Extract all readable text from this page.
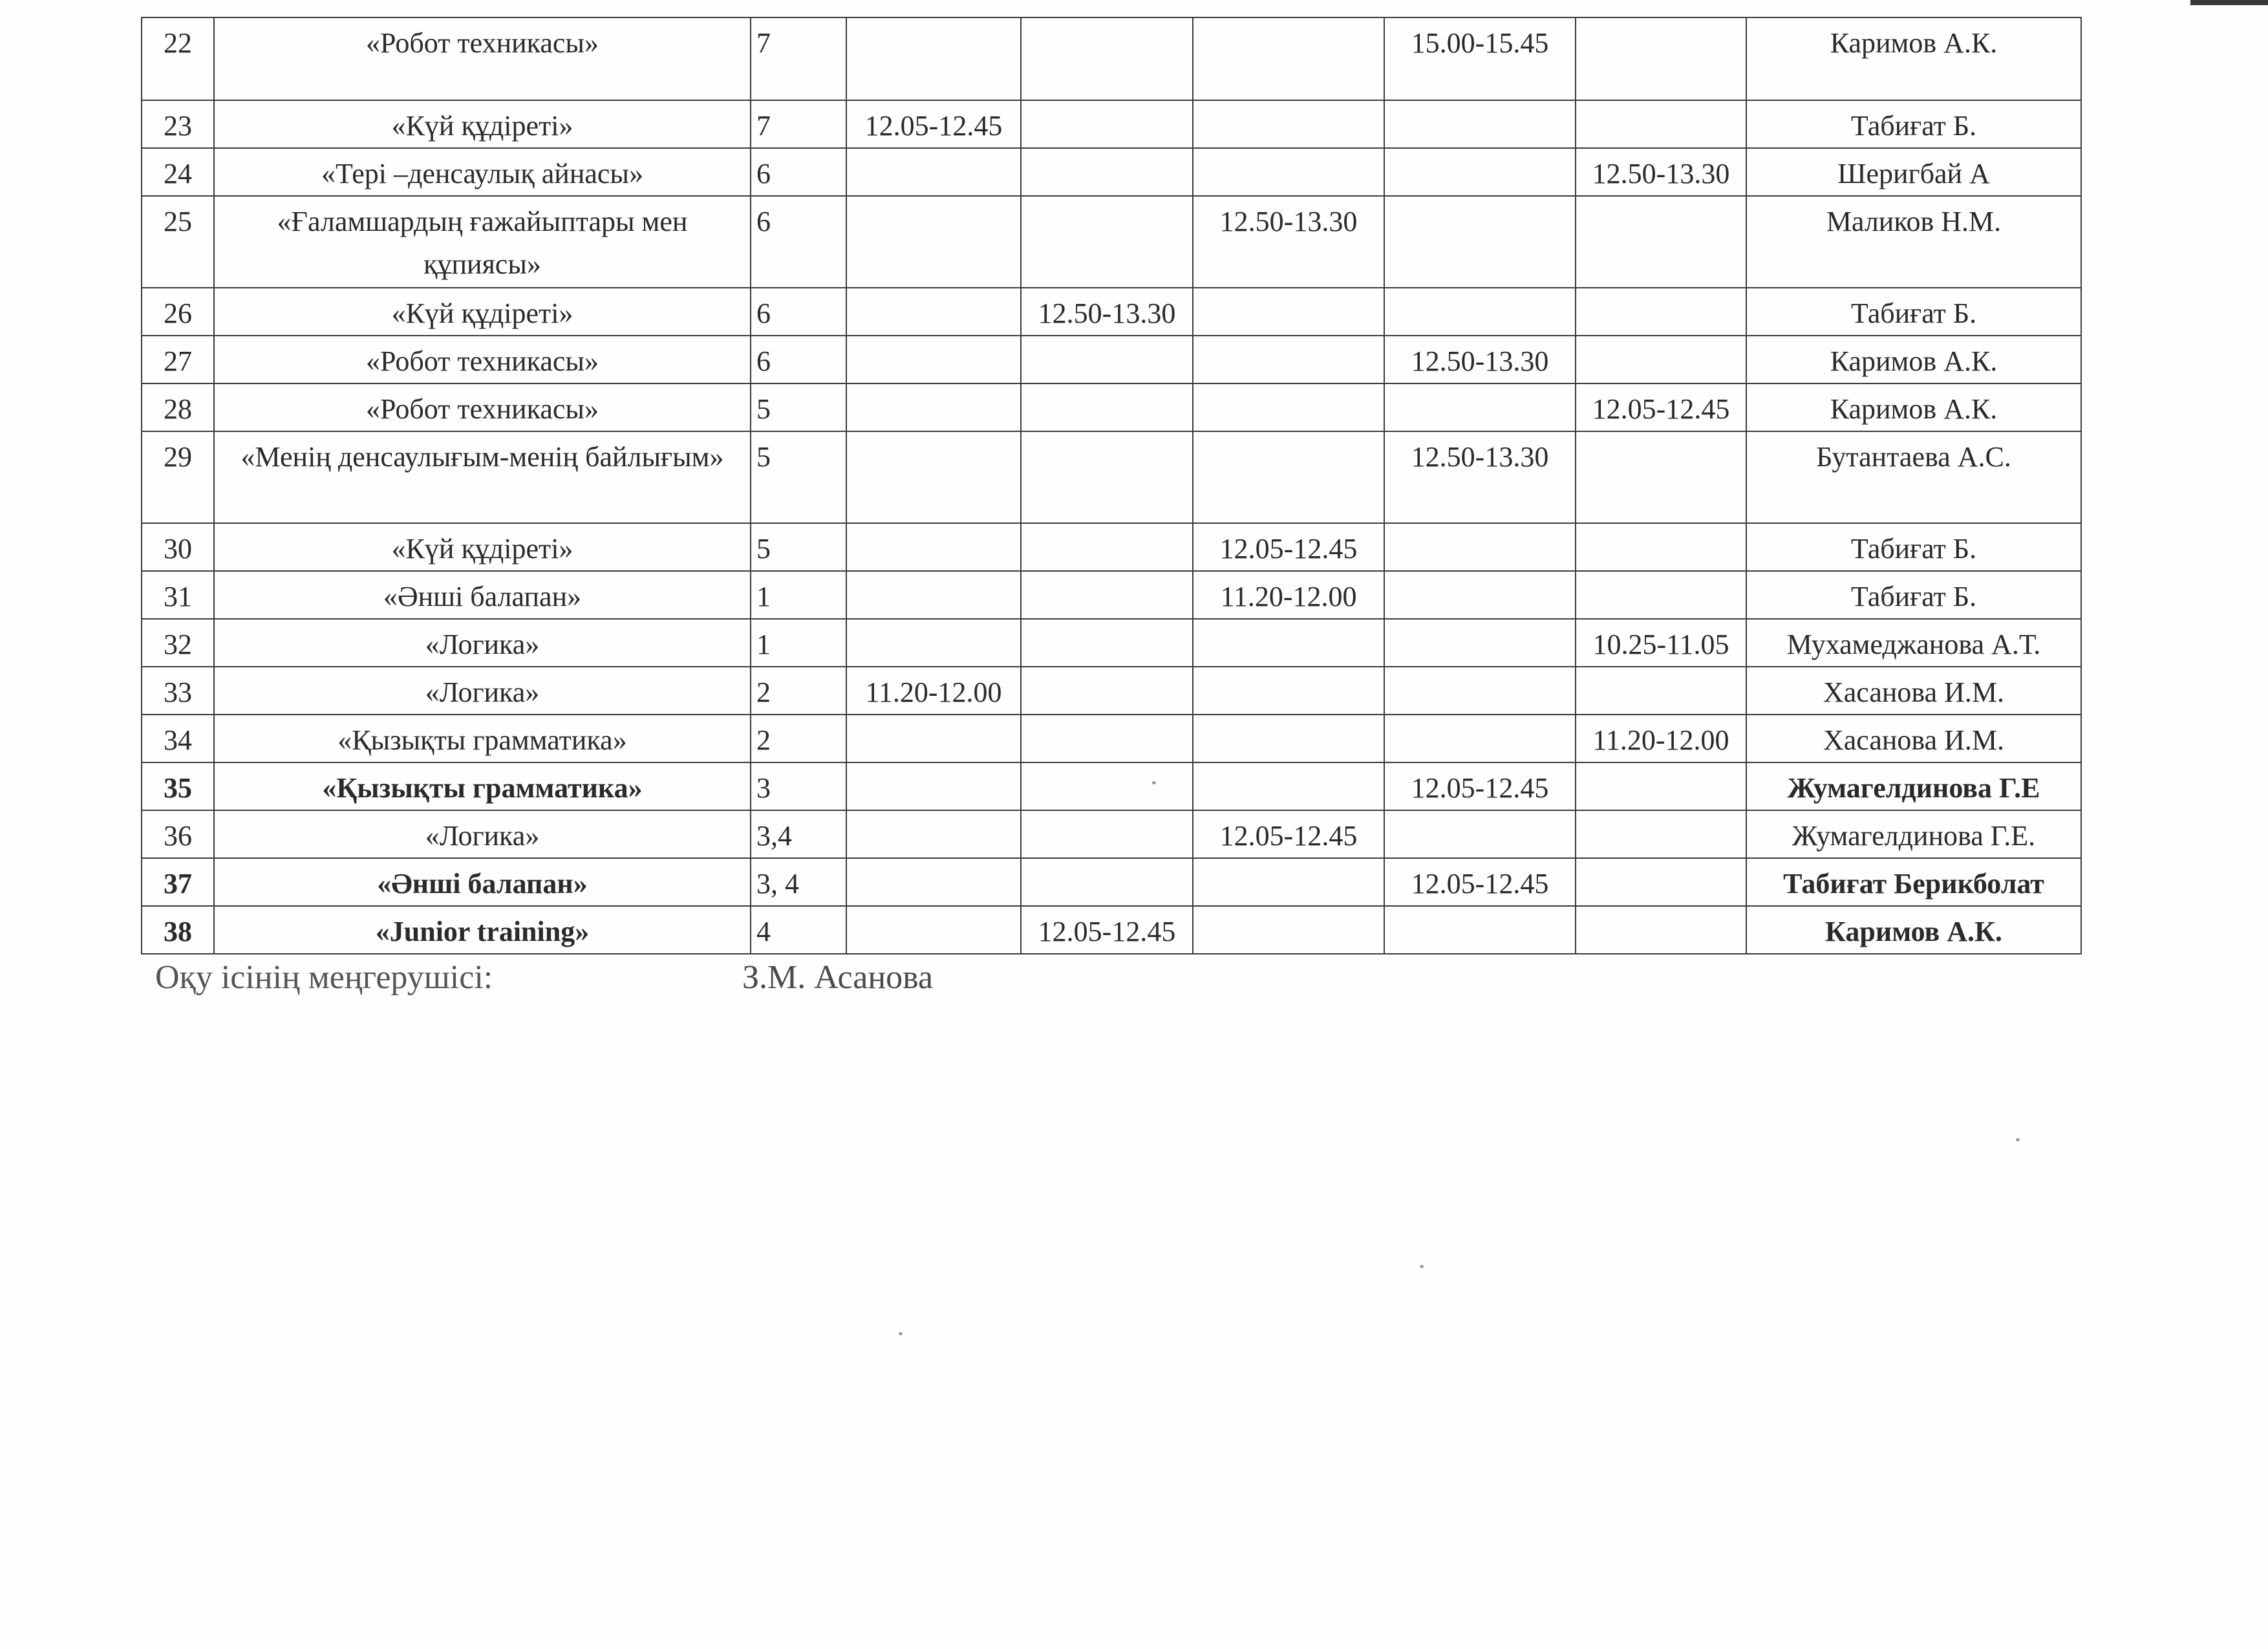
22	«Робот техникасы»	7				15.00-15.45		Каримов А.К.
23	«Күй құдіреті»	7	12.05-12.45					Табиғат Б.
24	«Тері –денсаулық айнасы»	6					12.50-13.30	Шеригбай А
25	«Ғаламшардың ғажайыптары мен құпиясы»	6			12.50-13.30			Маликов Н.М.
26	«Күй құдіреті»	6		12.50-13.30				Табиғат Б.
27	«Робот техникасы»	6				12.50-13.30		Каримов А.К.
28	«Робот техникасы»	5					12.05-12.45	Каримов А.К.
29	«Менің денсаулығым-менің байлығым»	5				12.50-13.30		Бутантаева А.С.
30	«Күй құдіреті»	5			12.05-12.45			Табиғат Б.
31	«Әнші балапан»	1			11.20-12.00			Табиғат Б.
32	«Логика»	1					10.25-11.05	Мухамеджанова А.Т.
33	«Логика»	2	11.20-12.00					Хасанова И.М.
34	«Қызықты грамматика»	2					11.20-12.00	Хасанова И.М.
35	«Қызықты грамматика»	3				12.05-12.45		Жумагелдинова Г.Е
36	«Логика»	3,4			12.05-12.45			Жумагелдинова Г.Е.
37	«Әнші балапан»	3, 4				12.05-12.45		Табиғат Берикболат
38	«Junior training»	4		12.05-12.45				Каримов А.К.
Оқу ісінің меңгерушісі:	З.М. Асанова
